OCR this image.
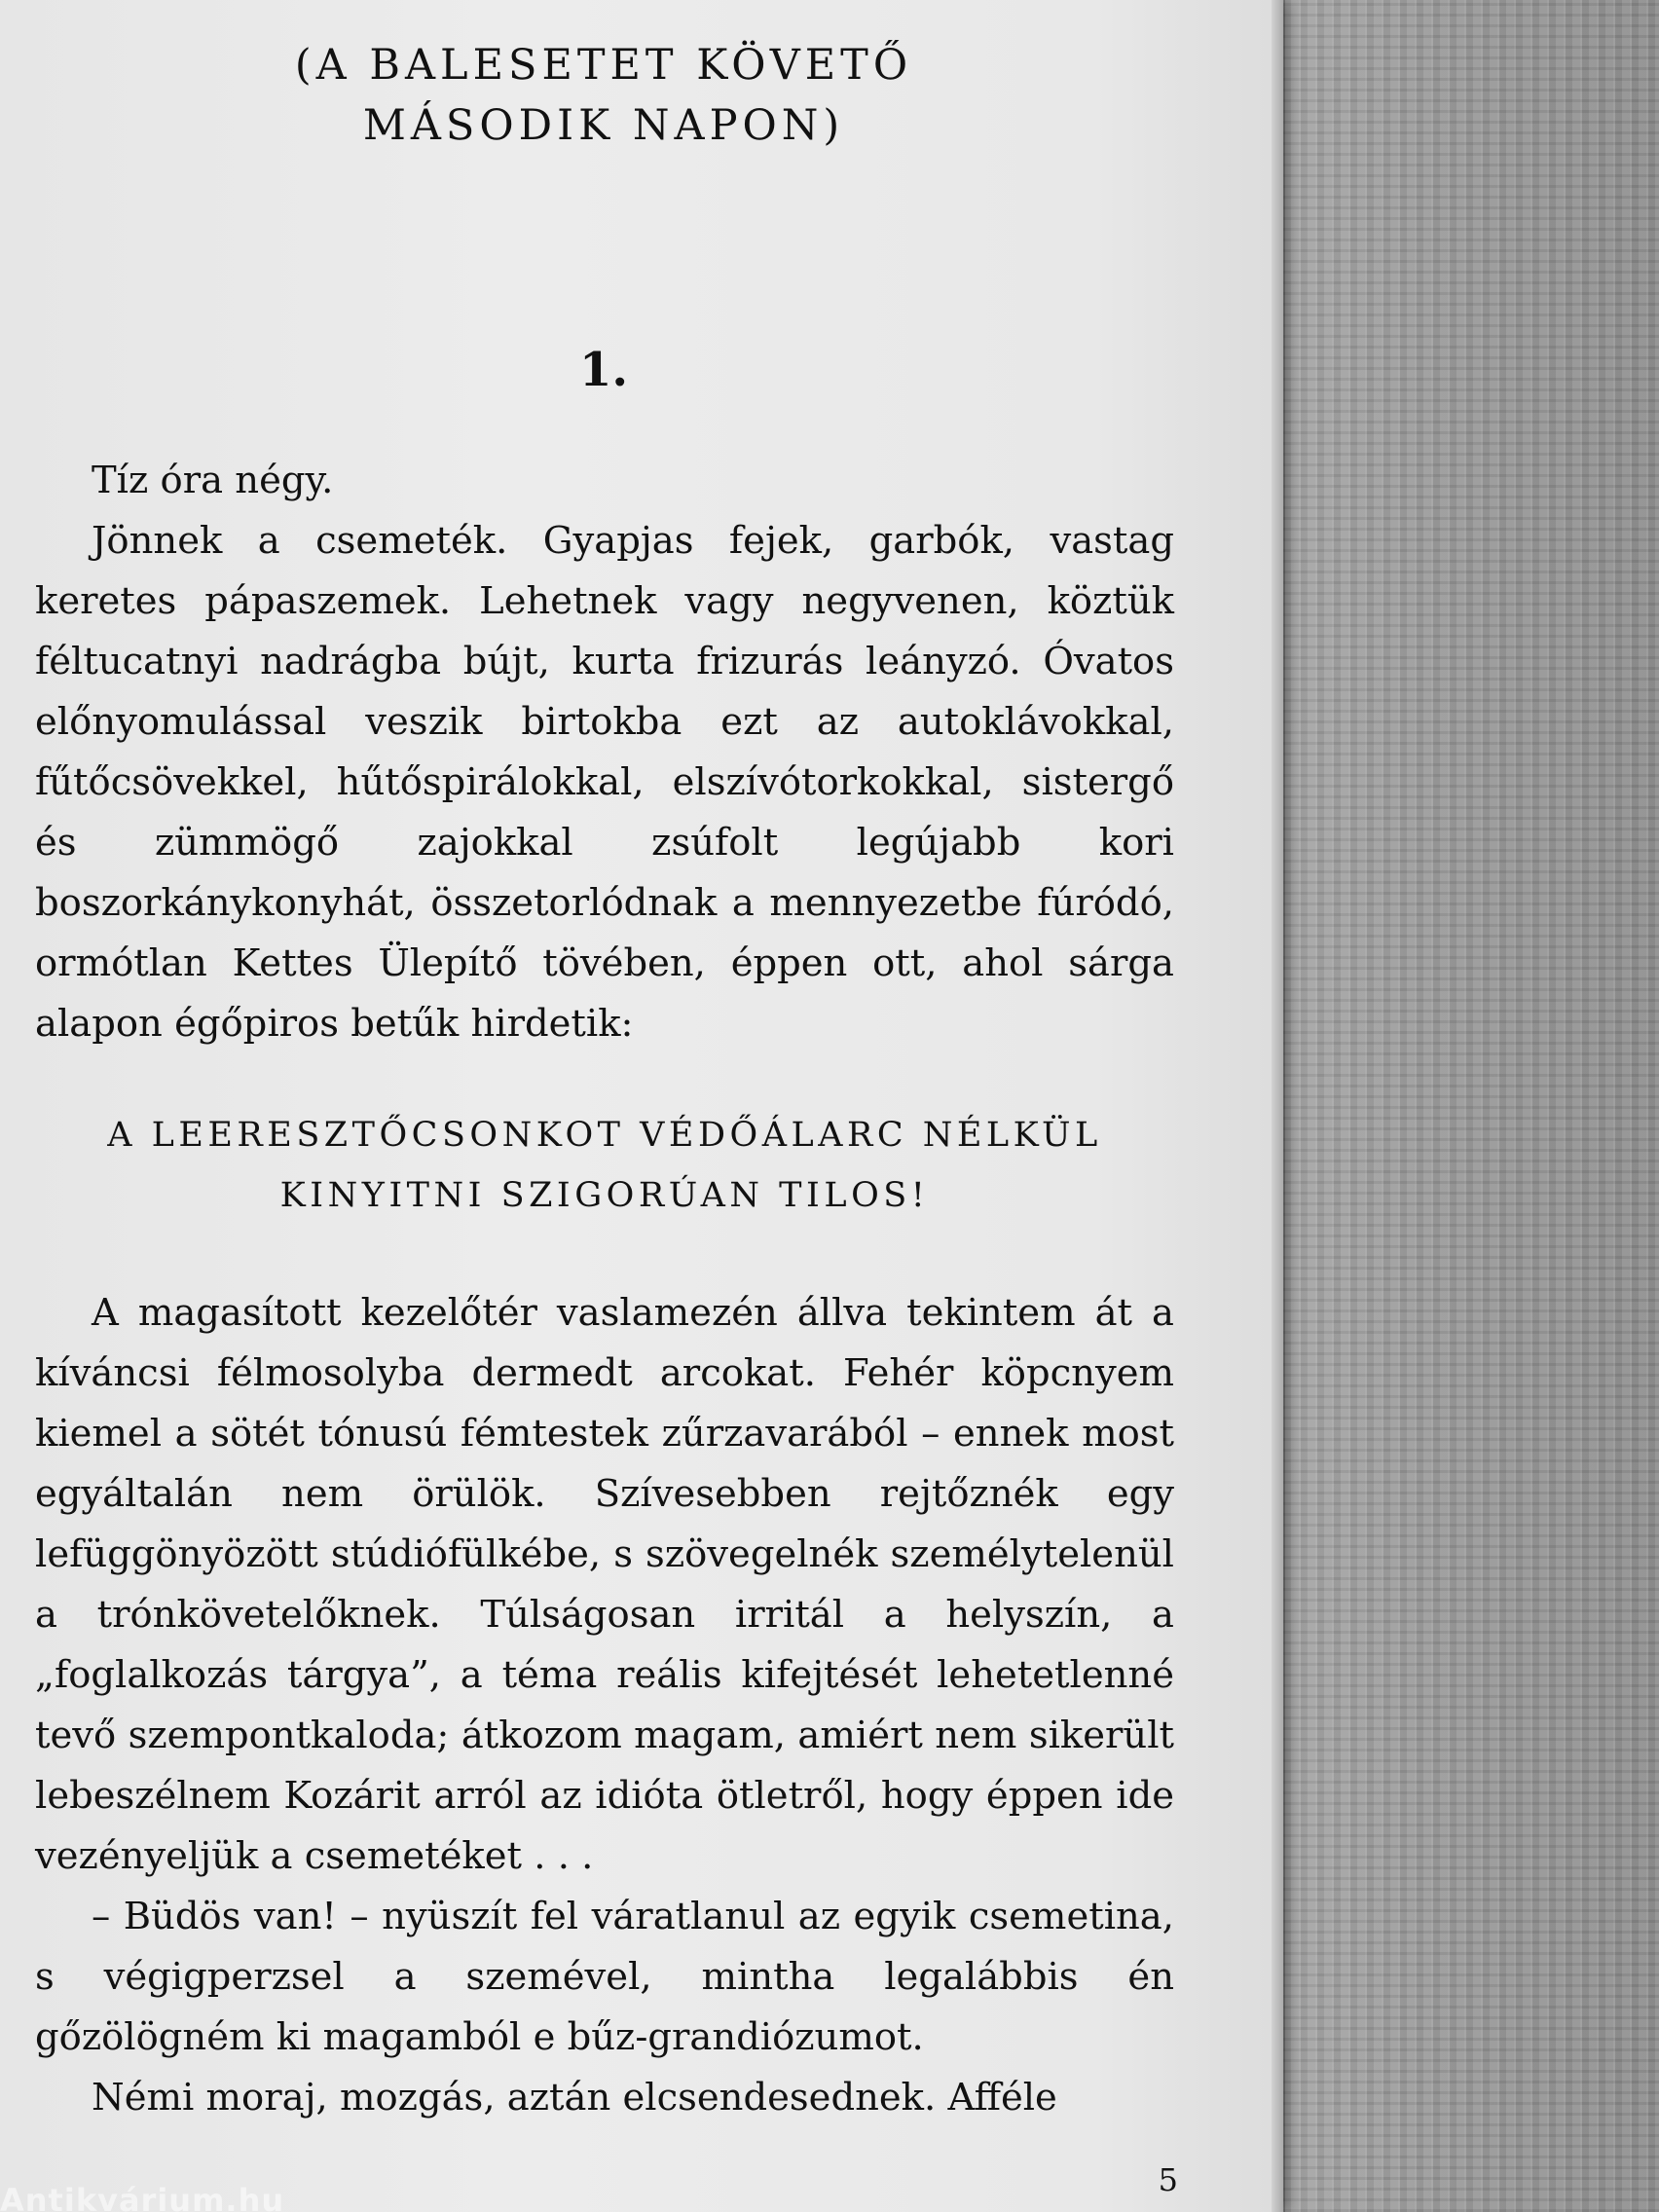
(A BALESETET KÖVETŐ
MÁSODIK NAPON)
1.

Tíz óra négy.

Jönnek a csemeték. Gyapjas fejek, garbók, vastag keretes pápaszemek. Lehetnek vagy negyvenen, köztük féltucatnyi nadrágba bújt, kurta frizurás leányzó. Óvatos előnyomulással veszik birtokba ezt az autoklávokkal, fűtőcsövekkel, hűtőspirálokkal, elszívótorkokkal, sistergő és zümmögő zajokkal zsúfolt legújabb kori boszorkánykonyhát, összetorlódnak a mennyezetbe fúródó, ormótlan Kettes Ülepítő tövében, éppen ott, ahol sárga alapon égőpiros betűk hirdetik:

A LEERESZTŐCSONKOT VÉDŐÁLARC NÉLKÜL
KINYITNI SZIGORÚAN TILOS!

A magasított kezelőtér vaslamezén állva tekintem át a kíváncsi félmosolyba dermedt arcokat. Fehér köpcnyem kiemel a sötét tónusú fémtestek zűrzavarából – ennek most egyáltalán nem örülök. Szívesebben rejtőznék egy lefüggönyözött stúdiófülkébe, s szövegelnék személytelenül a trónkövetelőknek. Túlságosan irritál a helyszín, a „foglalkozás tárgya”, a téma reális kifejtését lehetetlenné tevő szempontkaloda; átkozom magam, amiért nem sikerült lebeszélnem Kozárit arról az idióta ötletről, hogy éppen ide vezényeljük a csemetéket . . .

– Büdös van! – nyüszít fel váratlanul az egyik csemetina, s végigperzsel a szemével, mintha legalábbis én gőzölögném ki magamból e bűz-grandiózumot.

Némi moraj, mozgás, aztán elcsendesednek. Afféle

5
Antikvárium.hu
